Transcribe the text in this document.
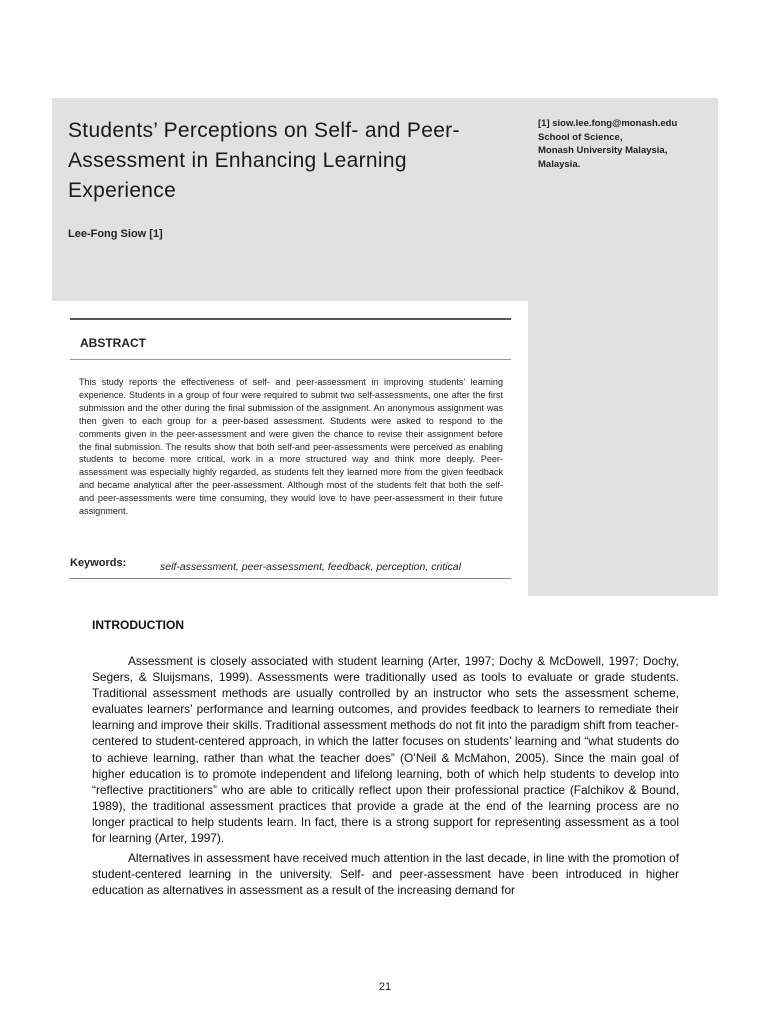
Students’ Perceptions on Self- and Peer-Assessment in Enhancing Learning Experience
Lee-Fong Siow [1]
[1] siow.lee.fong@monash.edu
School of Science,
Monash University Malaysia,
Malaysia.
ABSTRACT

This study reports the effectiveness of self- and peer-assessment in improving students’ learning experience. Students in a group of four were required to submit two self-assessments, one after the first submission and the other during the final submission of the assignment. An anonymous assignment was then given to each group for a peer-based assessment. Students were asked to respond to the comments given in the peer-assessment and were given the chance to revise their assignment before the final submission. The results show that both self-and peer-assessments were perceived as enabling students to become more critical, work in a more structured way and think more deeply. Peer-assessment was especially highly regarded, as students felt they learned more from the given feedback and became analytical after the peer-assessment. Although most of the students felt that both the self- and peer-assessments were time consuming, they would love to have peer-assessment in their future assignment.

Keywords:	self-assessment, peer-assessment, feedback, perception, critical
INTRODUCTION

Assessment is closely associated with student learning (Arter, 1997; Dochy & McDowell, 1997; Dochy, Segers, & Sluijsmans, 1999). Assessments were traditionally used as tools to evaluate or grade students. Traditional assessment methods are usually controlled by an instructor who sets the assessment scheme, evaluates learners’ performance and learning outcomes, and provides feedback to learners to remediate their learning and improve their skills. Traditional assessment methods do not fit into the paradigm shift from teacher-centered to student-centered approach, in which the latter focuses on students’ learning and “what students do to achieve learning, rather than what the teacher does” (O’Neil & McMahon, 2005). Since the main goal of higher education is to promote independent and lifelong learning, both of which help students to develop into “reflective practitioners” who are able to critically reflect upon their professional practice (Falchikov & Bound, 1989), the traditional assessment practices that provide a grade at the end of the learning process are no longer practical to help students learn. In fact, there is a strong support for representing assessment as a tool for learning (Arter, 1997).

Alternatives in assessment have received much attention in the last decade, in line with the promotion of student-centered learning in the university. Self- and peer-assessment have been introduced in higher education as alternatives in assessment as a result of the increasing demand for

21
